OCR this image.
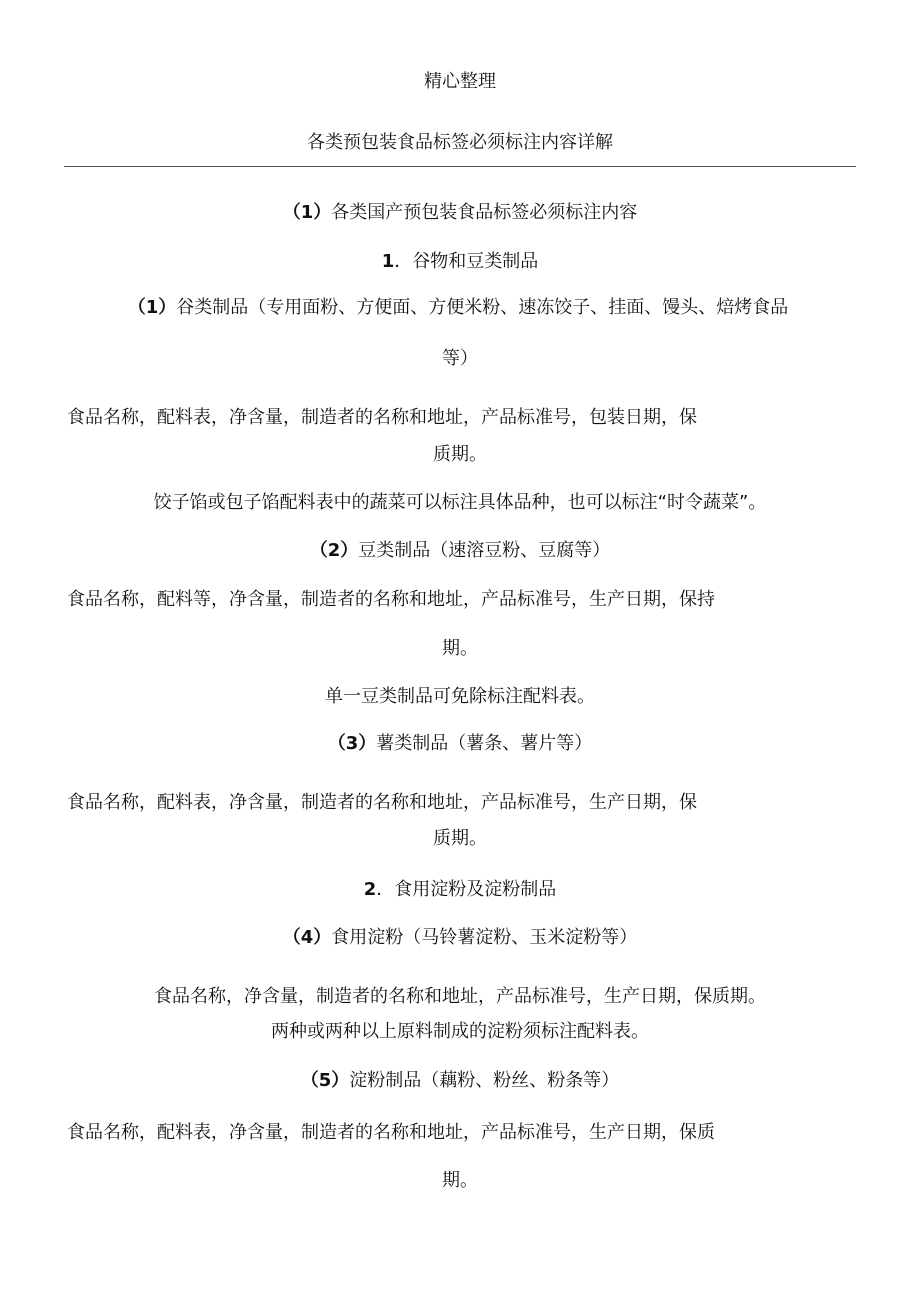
精心整理
各类预包装食品标签必须标注内容详解
（1）各类国产预包装食品标签必须标注内容
1．谷物和豆类制品
（1）谷类制品（专用面粉、方便面、方便米粉、速冻饺子、挂面、馒头、焙烤食品
等）
食品名称，配料表，净含量，制造者的名称和地址，产品标准号，包装日期，保
质期。
饺子馅或包子馅配料表中的蔬菜可以标注具体品种，也可以标注“时令蔬菜”。
（2）豆类制品（速溶豆粉、豆腐等）
食品名称，配料等，净含量，制造者的名称和地址，产品标准号，生产日期，保持
期。
单一豆类制品可免除标注配料表。
（3）薯类制品（薯条、薯片等）
食品名称，配料表，净含量，制造者的名称和地址，产品标准号，生产日期，保
质期。
2．食用淀粉及淀粉制品
（4）食用淀粉（马铃薯淀粉、玉米淀粉等）
食品名称，净含量，制造者的名称和地址，产品标准号，生产日期，保质期。
两种或两种以上原料制成的淀粉须标注配料表。
（5）淀粉制品（藕粉、粉丝、粉条等）
食品名称，配料表，净含量，制造者的名称和地址，产品标准号，生产日期，保质
期。
